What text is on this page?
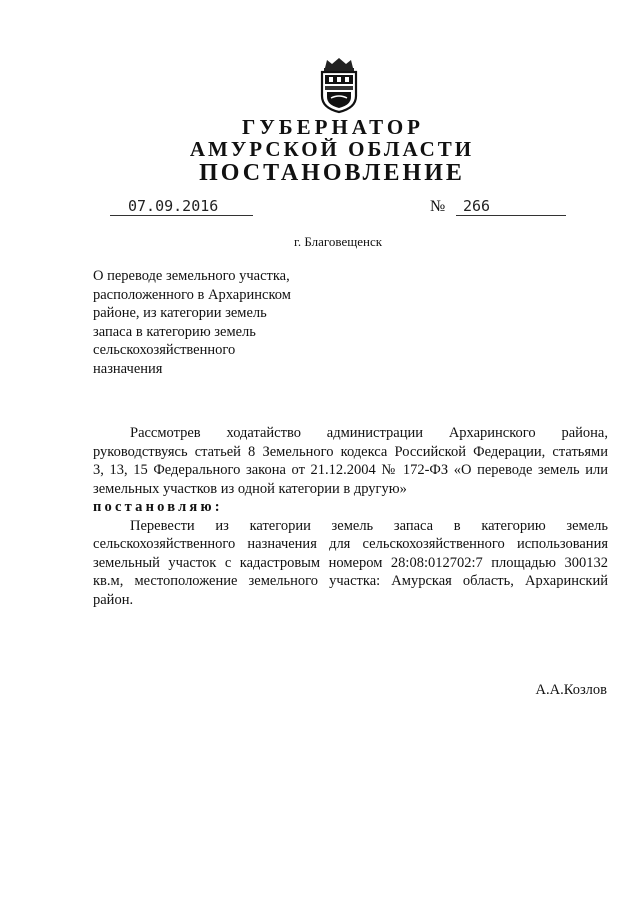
ГУБЕРНАТОР
АМУРСКОЙ ОБЛАСТИ
ПОСТАНОВЛЕНИЕ
07.09.2016	№ 266
г. Благовещенск
О переводе земельного участка,
расположенного в Архаринском
районе, из категории земель
запаса в категорию земель
сельскохозяйственного
назначения
Рассмотрев ходатайство администрации Архаринского района,
руководствуясь статьей 8 Земельного кодекса Российской Федерации, статьями
3, 13, 15 Федерального закона от 21.12.2004 № 172-ФЗ «О переводе земель или
земельных участков из одной категории в другую»
постановляю:
Перевести из категории земель запаса в категорию земель
сельскохозяйственного назначения для сельскохозяйственного использования
земельный участок с кадастровым номером 28:08:012702:7 площадью 300132
кв.м, местоположение земельного участка: Амурская область, Архаринский
район.
А.А.Козлов
